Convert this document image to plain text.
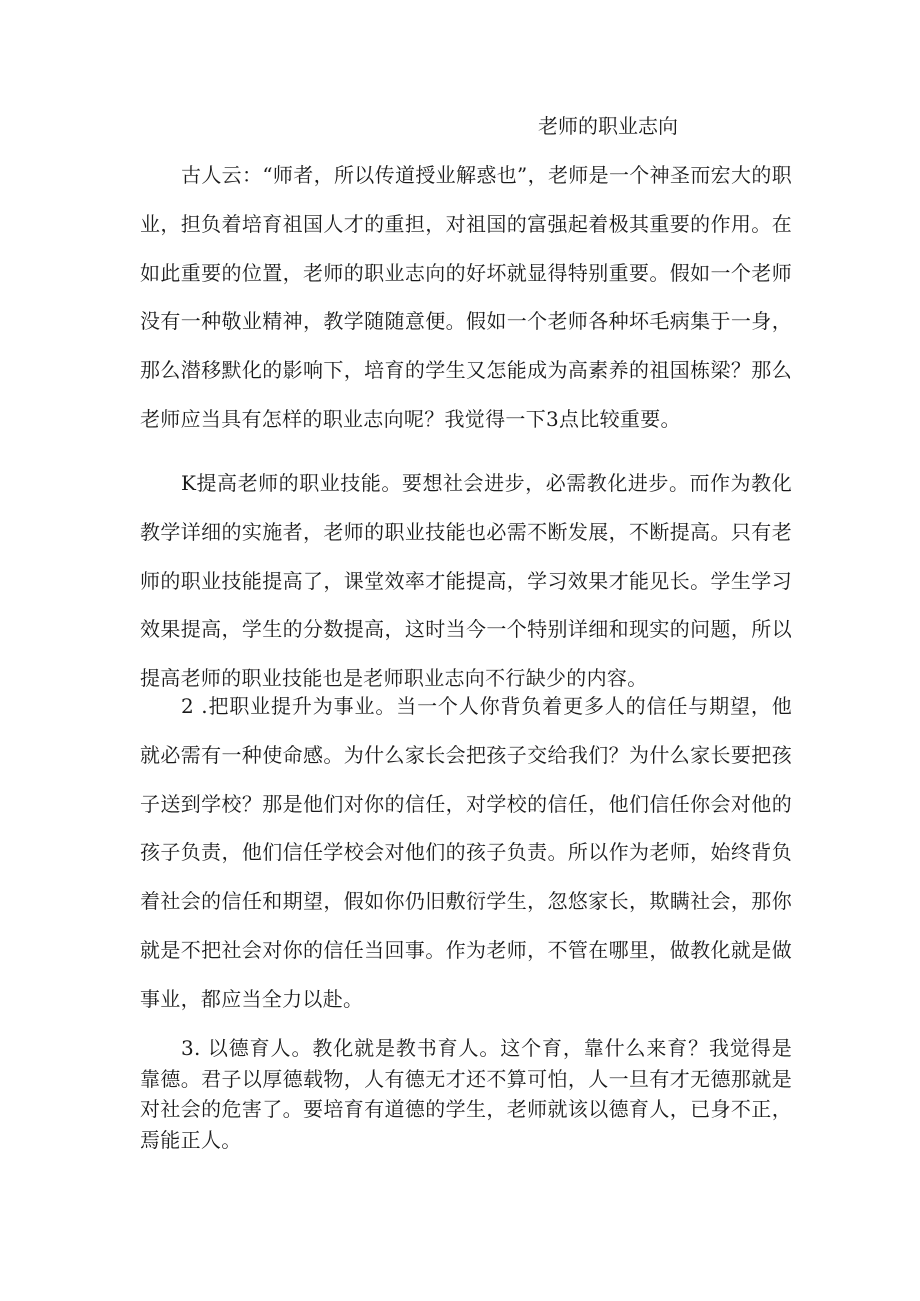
老师的职业志向

古人云：“师者，所以传道授业解惑也”，老师是一个神圣而宏大的职业，担负着培育祖国人才的重担，对祖国的富强起着极其重要的作用。在如此重要的位置，老师的职业志向的好坏就显得特别重要。假如一个老师没有一种敬业精神，教学随随意便。假如一个老师各种坏毛病集于一身，那么潜移默化的影响下，培育的学生又怎能成为高素养的祖国栋梁？那么老师应当具有怎样的职业志向呢？我觉得一下3点比较重要。

K提高老师的职业技能。要想社会进步，必需教化进步。而作为教化教学详细的实施者，老师的职业技能也必需不断发展，不断提高。只有老师的职业技能提高了，课堂效率才能提高，学习效果才能见长。学生学习效果提高，学生的分数提高，这时当今一个特别详细和现实的问题，所以提高老师的职业技能也是老师职业志向不行缺少的内容。

2 .把职业提升为事业。当一个人你背负着更多人的信任与期望，他就必需有一种使命感。为什么家长会把孩子交给我们？为什么家长要把孩子送到学校？那是他们对你的信任，对学校的信任，他们信任你会对他的孩子负责，他们信任学校会对他们的孩子负责。所以作为老师，始终背负着社会的信任和期望，假如你仍旧敷衍学生，忽悠家长，欺瞒社会，那你就是不把社会对你的信任当回事。作为老师，不管在哪里，做教化就是做事业，都应当全力以赴。

3. 以德育人。教化就是教书育人。这个育，靠什么来育？我觉得是靠德。君子以厚德载物，人有德无才还不算可怕，人一旦有才无德那就是对社会的危害了。要培育有道德的学生，老师就该以德育人，已身不正，焉能正人。
